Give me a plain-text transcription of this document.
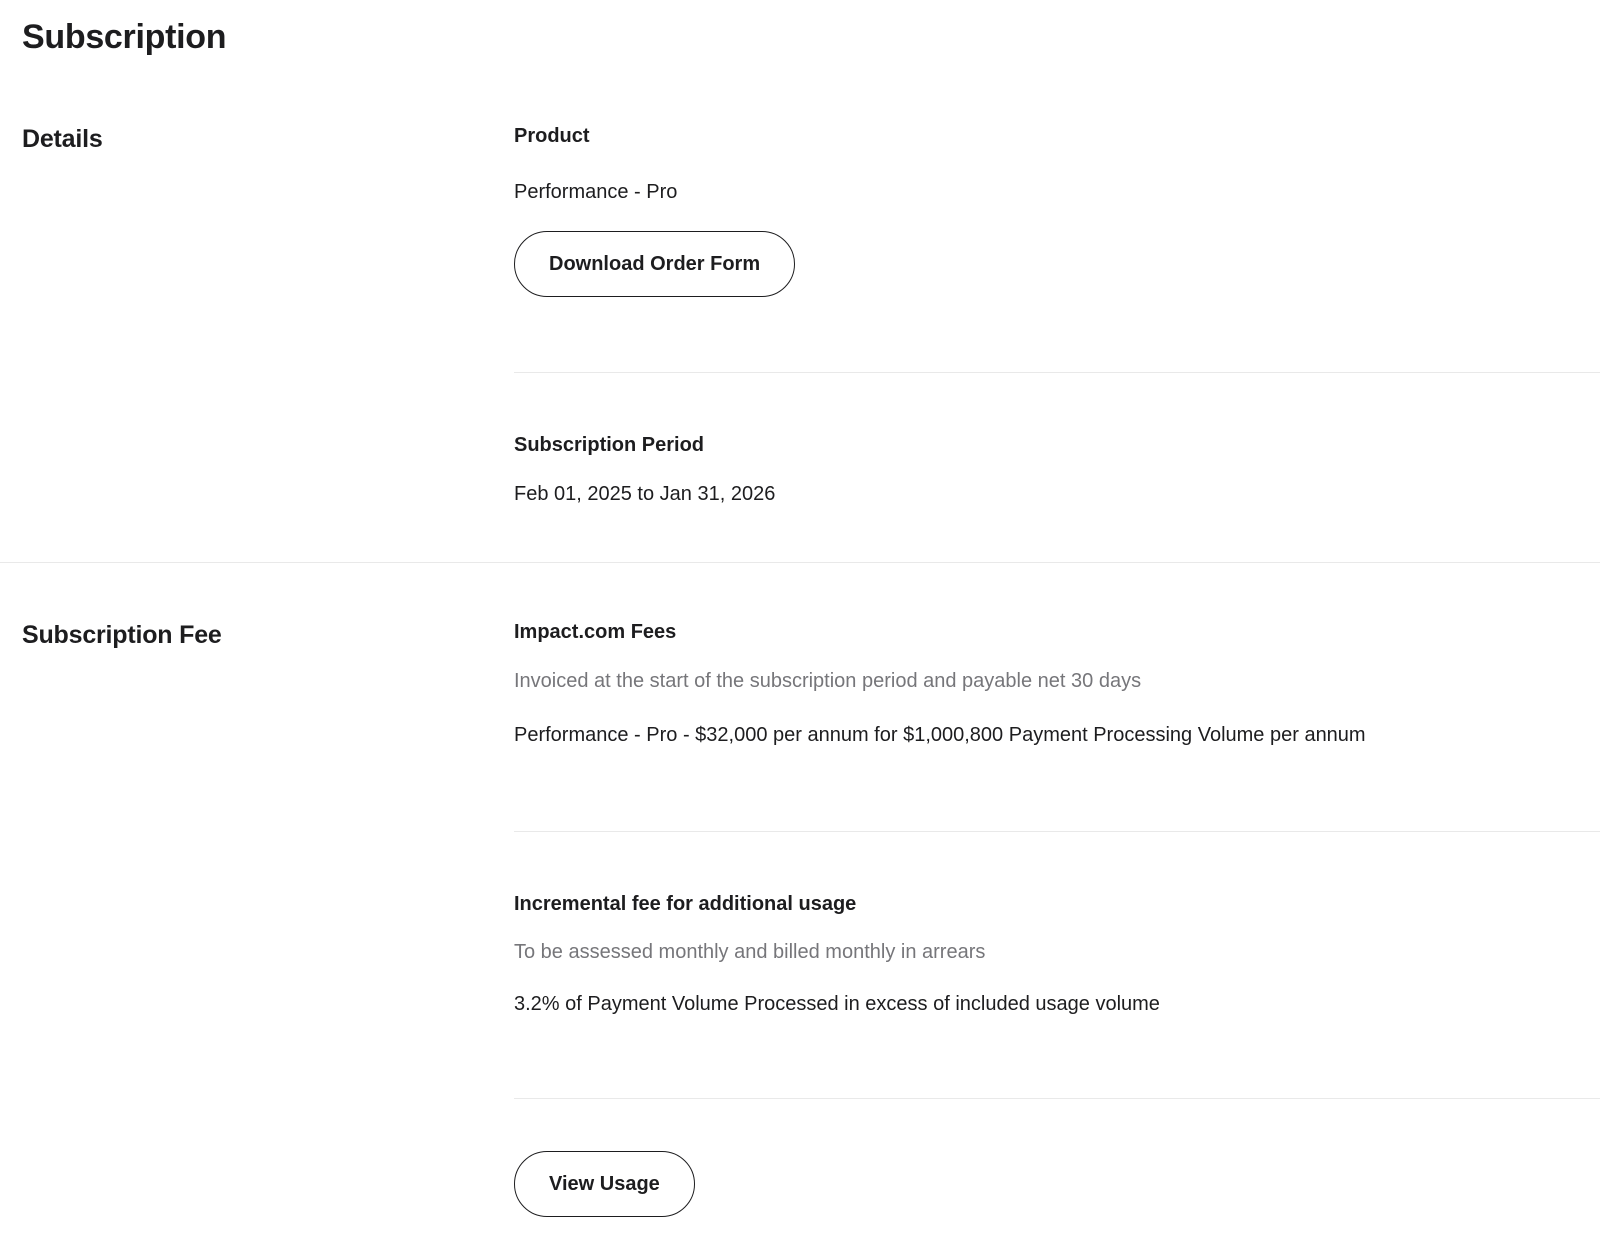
Subscription
Details	Product
Performance - Pro
Download Order Form
Subscription Period
Feb 01, 2025 to Jan 31, 2026
Subscription Fee	Impact.com Fees
Invoiced at the start of the subscription period and payable net 30 days
Performance - Pro - $32,000 per annum for $1,000,800 Payment Processing Volume per annum
Incremental fee for additional usage
To be assessed monthly and billed monthly in arrears
3.2% of Payment Volume Processed in excess of included usage volume
View Usage
